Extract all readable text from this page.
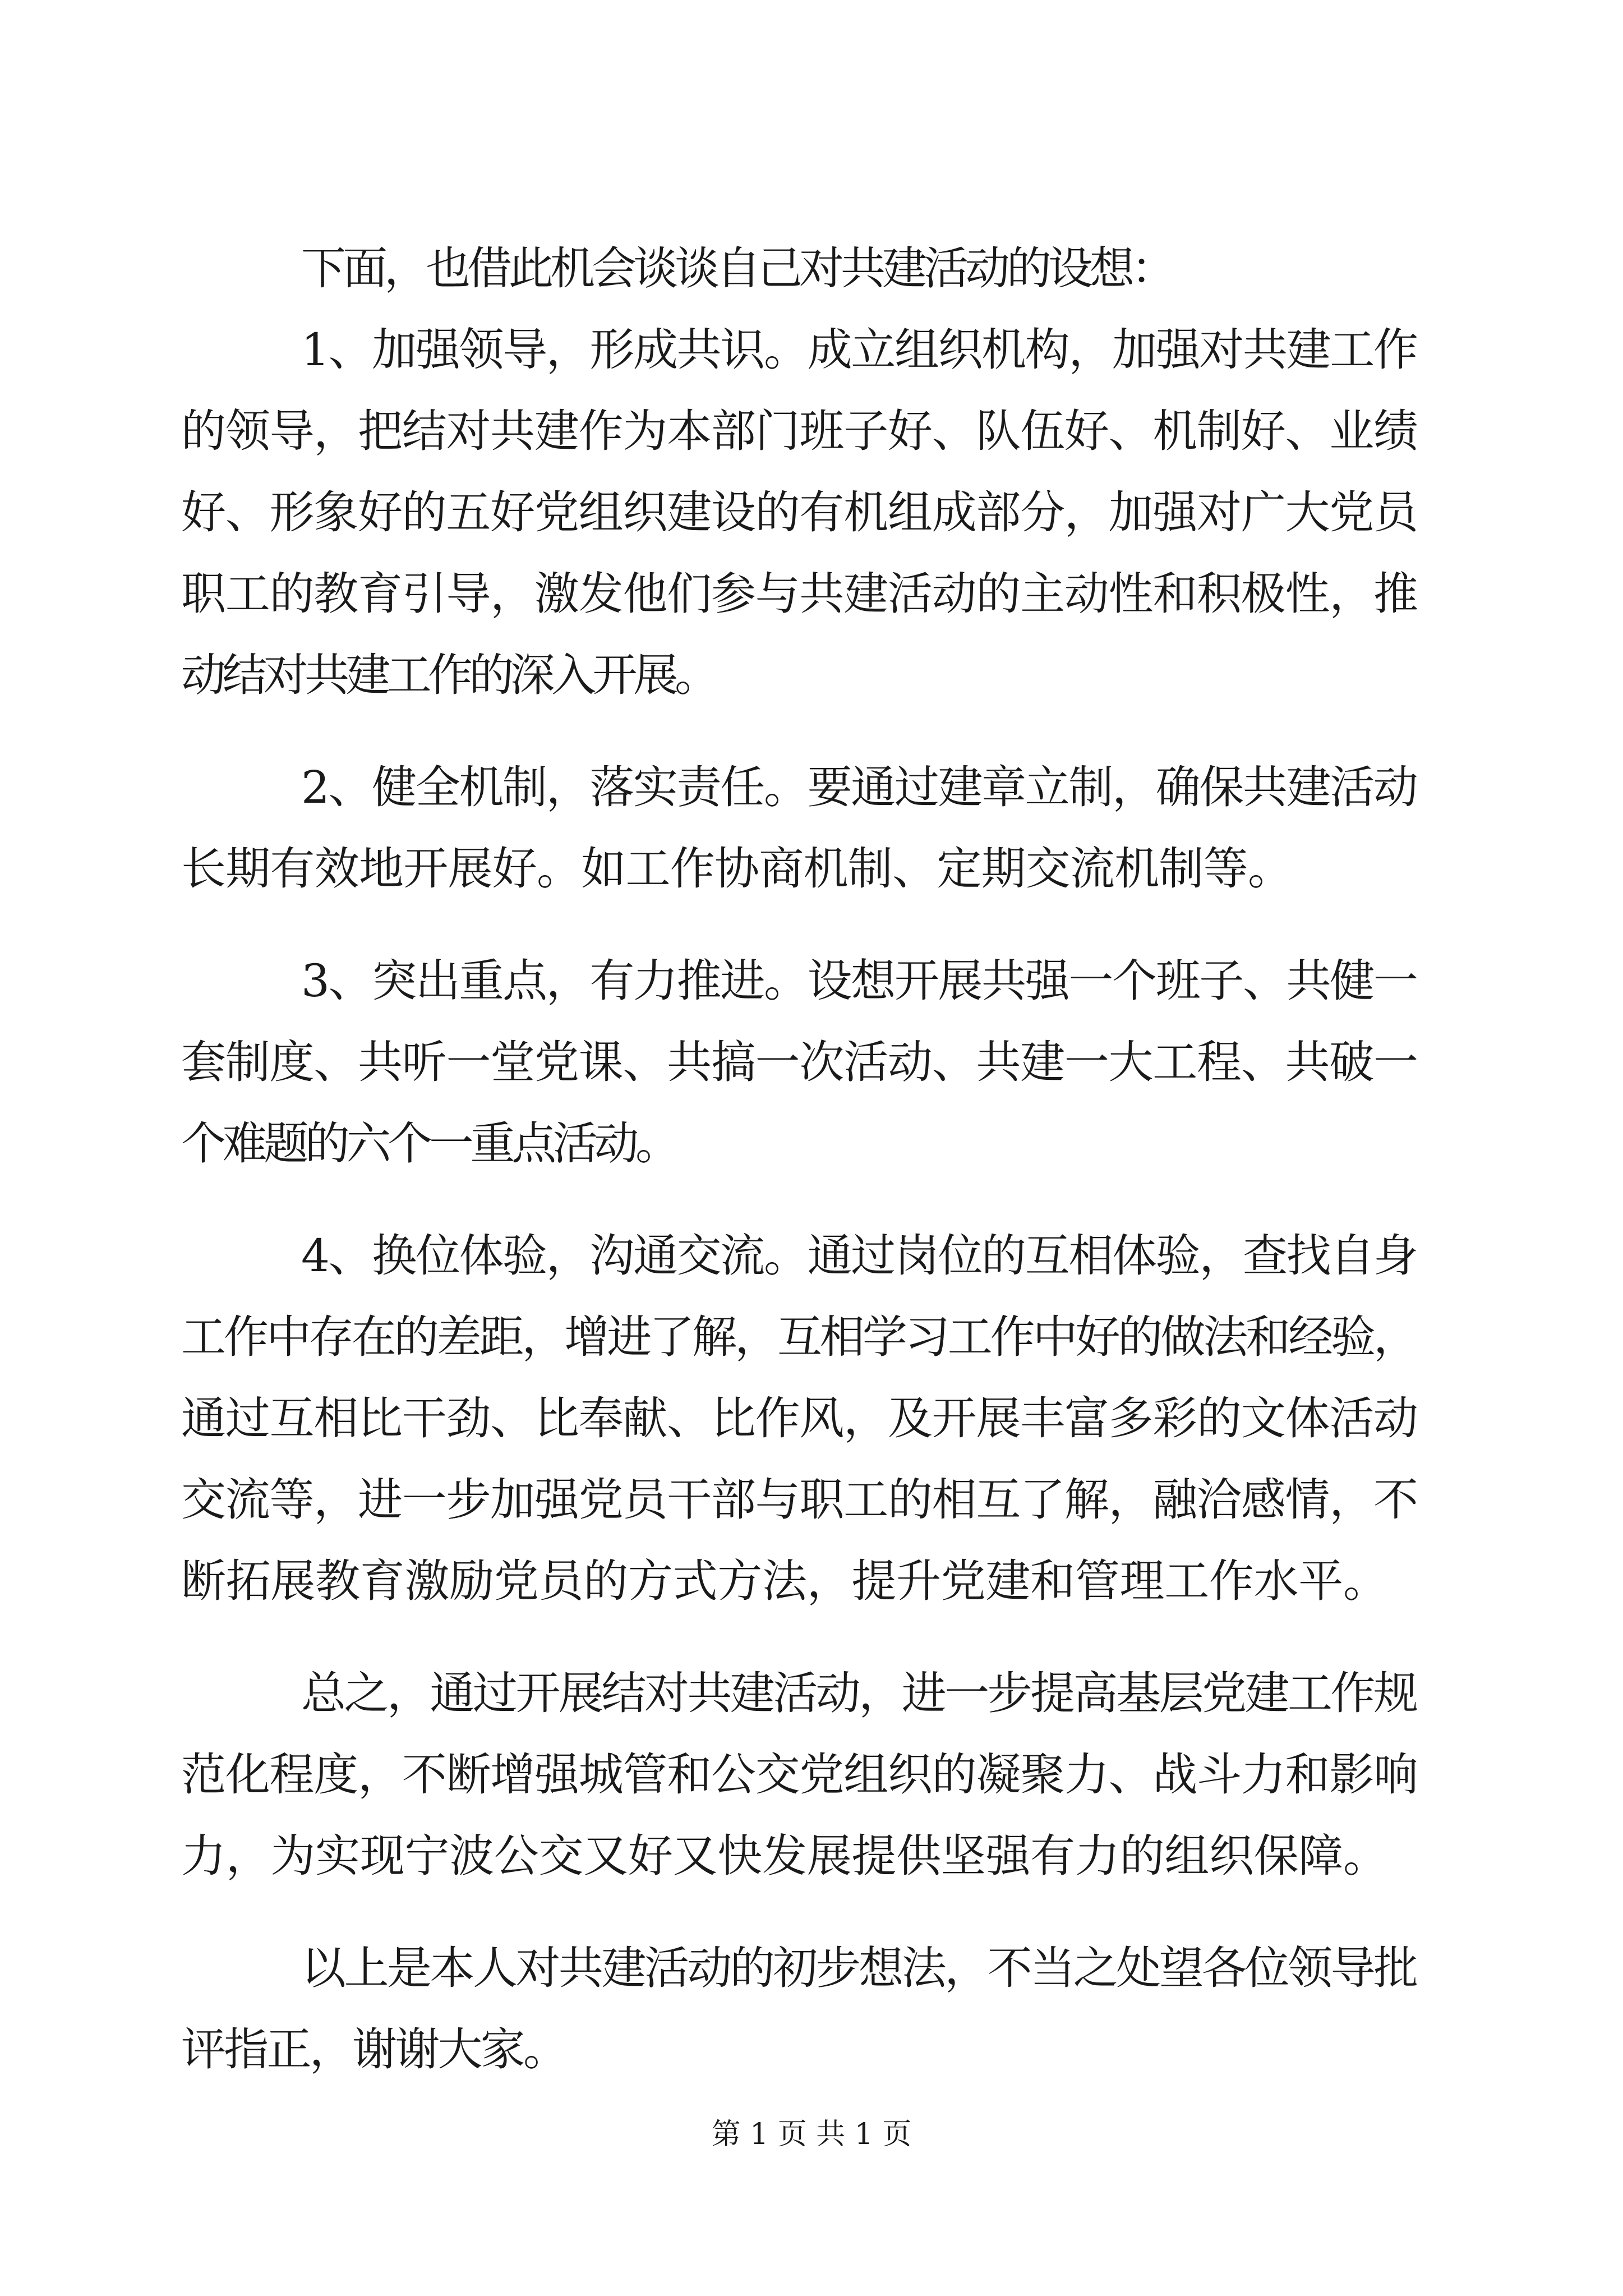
下面，也借此机会谈谈自己对共建活动的设想：

1、加强领导，形成共识。成立组织机构，加强对共建工作

的领导，把结对共建作为本部门班子好、队伍好、机制好、业绩

好、形象好的五好党组织建设的有机组成部分，加强对广大党员

职工的教育引导，激发他们参与共建活动的主动性和积极性，推

动结对共建工作的深入开展。

2、健全机制，落实责任。要通过建章立制，确保共建活动

长期有效地开展好。如工作协商机制、定期交流机制等。

3、突出重点，有力推进。设想开展共强一个班子、共健一

套制度、共听一堂党课、共搞一次活动、共建一大工程、共破一

个难题的六个一重点活动。

4、换位体验，沟通交流。通过岗位的互相体验，查找自身

工作中存在的差距，增进了解，互相学习工作中好的做法和经验，

通过互相比干劲、比奉献、比作风，及开展丰富多彩的文体活动

交流等，进一步加强党员干部与职工的相互了解，融洽感情，不

断拓展教育激励党员的方式方法，提升党建和管理工作水平。

总之，通过开展结对共建活动，进一步提高基层党建工作规

范化程度，不断增强城管和公交党组织的凝聚力、战斗力和影响

力，为实现宁波公交又好又快发展提供坚强有力的组织保障。

以上是本人对共建活动的初步想法，不当之处望各位领导批

评指正，谢谢大家。

第 1 页 共 1 页
